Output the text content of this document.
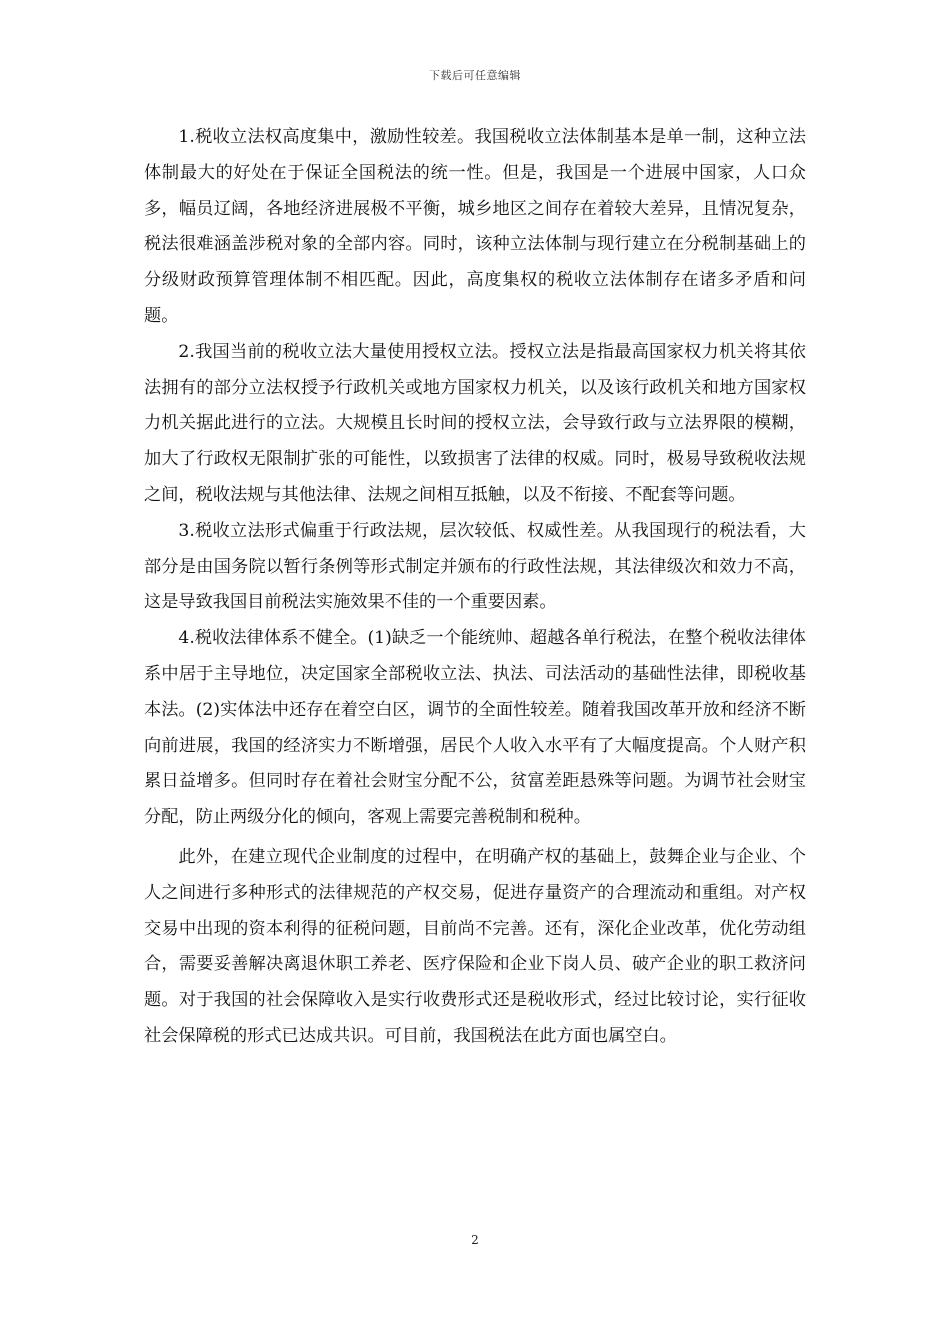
下载后可任意编辑

1.税收立法权高度集中，激励性较差。我国税收立法体制基本是单一制，这种立法体制最大的好处在于保证全国税法的统一性。但是，我国是一个进展中国家，人口众多，幅员辽阔，各地经济进展极不平衡，城乡地区之间存在着较大差异，且情况复杂，税法很难涵盖涉税对象的全部内容。同时，该种立法体制与现行建立在分税制基础上的分级财政预算管理体制不相匹配。因此，高度集权的税收立法体制存在诸多矛盾和问题。

2.我国当前的税收立法大量使用授权立法。授权立法是指最高国家权力机关将其依法拥有的部分立法权授予行政机关或地方国家权力机关，以及该行政机关和地方国家权力机关据此进行的立法。大规模且长时间的授权立法，会导致行政与立法界限的模糊，加大了行政权无限制扩张的可能性，以致损害了法律的权威。同时，极易导致税收法规之间，税收法规与其他法律、法规之间相互抵触，以及不衔接、不配套等问题。

3.税收立法形式偏重于行政法规，层次较低、权威性差。从我国现行的税法看，大部分是由国务院以暂行条例等形式制定并颁布的行政性法规，其法律级次和效力不高，这是导致我国目前税法实施效果不佳的一个重要因素。

4.税收法律体系不健全。(1)缺乏一个能统帅、超越各单行税法，在整个税收法律体系中居于主导地位，决定国家全部税收立法、执法、司法活动的基础性法律，即税收基本法。(2)实体法中还存在着空白区，调节的全面性较差。随着我国改革开放和经济不断向前进展，我国的经济实力不断增强，居民个人收入水平有了大幅度提高。个人财产积累日益增多。但同时存在着社会财宝分配不公，贫富差距悬殊等问题。为调节社会财宝分配，防止两级分化的倾向，客观上需要完善税制和税种。

此外，在建立现代企业制度的过程中，在明确产权的基础上，鼓舞企业与企业、个人之间进行多种形式的法律规范的产权交易，促进存量资产的合理流动和重组。对产权交易中出现的资本利得的征税问题，目前尚不完善。还有，深化企业改革，优化劳动组合，需要妥善解决离退休职工养老、医疗保险和企业下岗人员、破产企业的职工救济问题。对于我国的社会保障收入是实行收费形式还是税收形式，经过比较讨论，实行征收社会保障税的形式已达成共识。可目前，我国税法在此方面也属空白。

2
